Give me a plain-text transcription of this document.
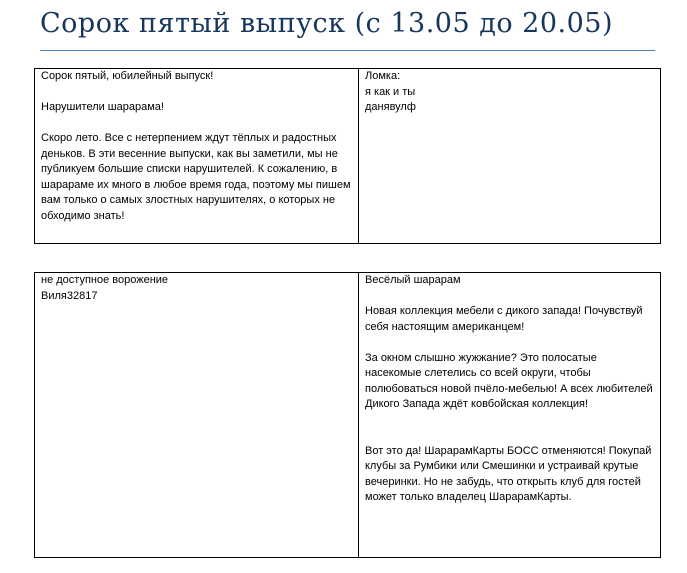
Сорок пятый выпуск (с 13.05 до 20.05)

Сорок пятый, юбилейный выпуск!

Нарушители шарарама!

Скоро лето. Все с нетерпением ждут тёплых и радостных деньков. В эти весенние выпуски, как вы заметили, мы не публикуем большие списки нарушителей. К сожалению, в шарараме их много в любое время года, поэтому мы пишем вам только о самых злостных нарушителях, о которых не обходимо знать!

Ломка:

я как и ты

данявулф

не доступное ворожение

Виля32817

Весёлый шарарам

Новая коллекция мебели с дикого запада! Почувствуй себя настоящим американцем!

За окном слышно жужжание? Это полосатые насекомые слетелись со всей округи, чтобы полюбоваться новой пчёло-мебелью! А всех любителей Дикого Запада ждёт ковбойская коллекция!

Вот это да! ШарарамКарты БОСС отменяются! Покупай клубы за Румбики или Смешинки и устраивай крутые вечеринки. Но не забудь, что открыть клуб для гостей может только владелец ШарарамКарты.
